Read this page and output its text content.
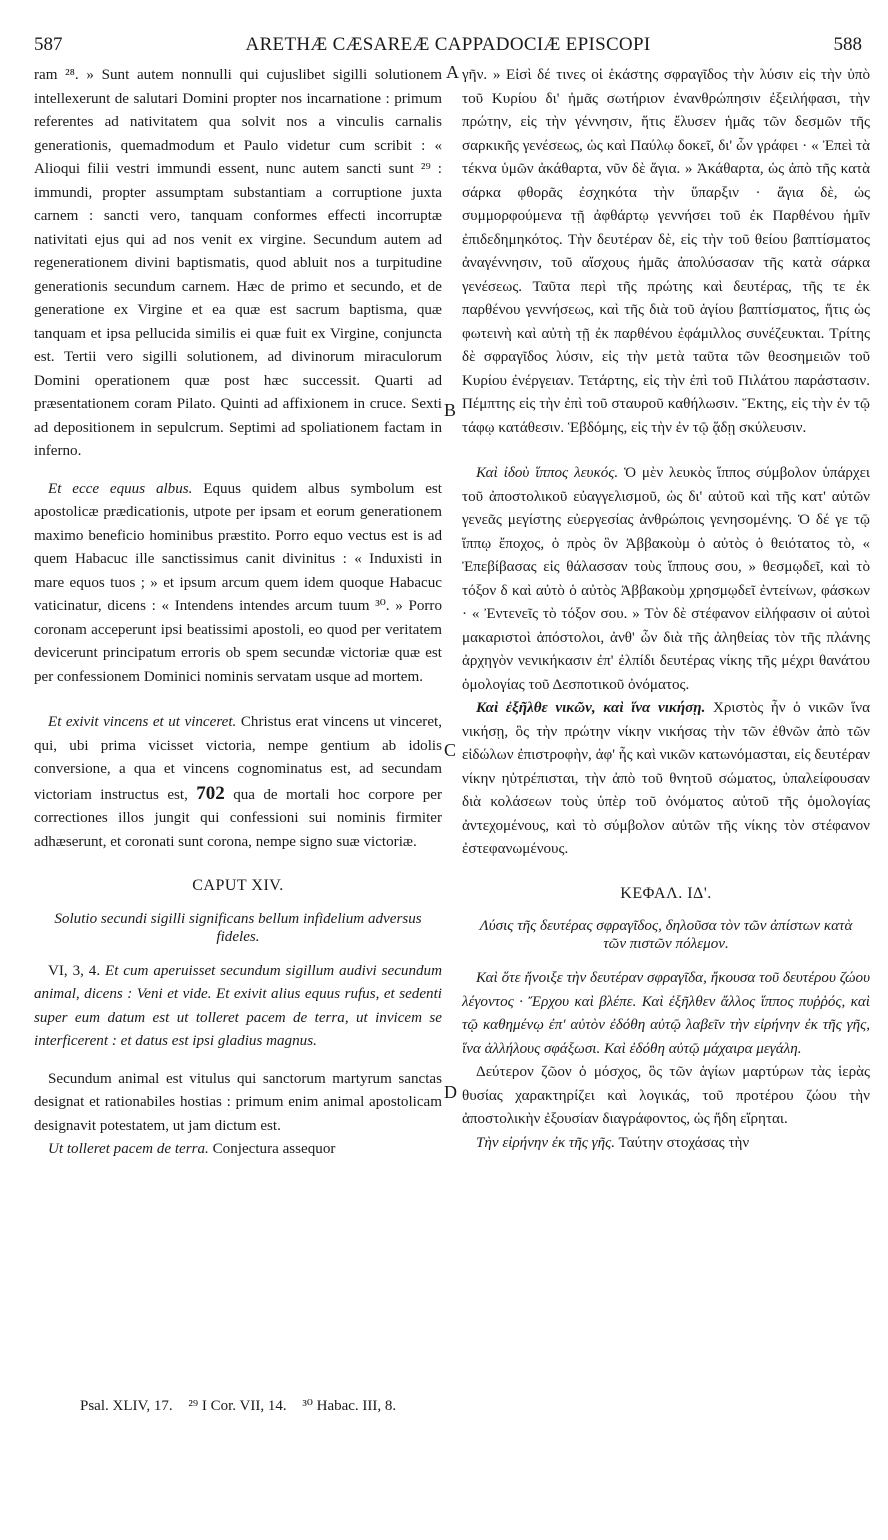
587	ARETHÆ CÆSAREÆ CAPPADOCIÆ EPISCOPI	588
A
B
C
D

ram ²⁸. » Sunt autem nonnulli qui cujuslibet sigilli solutionem intellexerunt de salutari Domini propter nos incarnatione : primum referentes ad nativitatem qua solvit nos a vinculis carnalis generationis, quemadmodum et Paulo videtur cum scribit : « Alioqui filii vestri immundi essent, nunc autem sancti sunt ²⁹ : immundi, propter assumptam substantiam a corruptione juxta carnem : sancti vero, tanquam conformes effecti incorruptæ nativitati ejus qui ad nos venit ex virgine. Secundum autem ad regenerationem divini baptismatis, quod abluit nos a turpitudine generationis secundum carnem. Hæc de primo et secundo, et de generatione ex Virgine et ea quæ est sacrum baptisma, quæ tanquam et ipsa pellucida similis ei quæ fuit ex Virgine, conjuncta est. Tertii vero sigilli solutionem, ad divinorum miraculorum Domini operationem quæ post hæc successit. Quarti ad præsentationem coram Pilato. Quinti ad affixionem in cruce. Sexti ad depositionem in sepulcrum. Septimi ad spoliationem factam in inferno.

Et ecce equus albus. Equus quidem albus symbolum est apostolicæ prædicationis, utpote per ipsam et eorum generationem maximo beneficio hominibus præstito. Porro equo vectus est is ad quem Habacuc ille sanctissimus canit divinitus : « Induxisti in mare equos tuos ; » et ipsum arcum quem idem quoque Habacuc vaticinatur, dicens : « Intendens intendes arcum tuum ³⁰. » Porro coronam acceperunt ipsi beatissimi apostoli, eo quod per veritatem devicerunt principatum erroris ob spem secundæ victoriæ quæ est per confessionem Dominici nominis servatam usque ad mortem.

Et exivit vincens et ut vinceret. Christus erat vincens ut vinceret, qui, ubi prima vicisset victoria, nempe gentium ab idolis conversione, a qua et vincens cognominatus est, ad secundam victoriam instructus est, 702 qua de mortali hoc corpore per correctiones illos jungit qui confessioni sui nominis firmiter adhæserunt, et coronati sunt corona, nempe signo suæ victoriæ.

CAPUT XIV.

Solutio secundi sigilli significans bellum infidelium adversus fideles.

VI, 3, 4. Et cum aperuisset secundum sigillum audivi secundum animal, dicens : Veni et vide. Et exivit alius equus rufus, et sedenti super eum datum est ut tolleret pacem de terra, ut invicem se interficerent : et datus est ipsi gladius magnus.

Secundum animal est vitulus qui sanctorum martyrum sanctas designat et rationabiles hostias : primum enim animal apostolicam designavit potestatem, ut jam dictum est.

Ut tolleret pacem de terra. Conjectura assequor

γῆν. » Εἰσὶ δέ τινες οἱ ἑκάστης σφραγῖδος τὴν λύσιν εἰς τὴν ὑπὸ τοῦ Κυρίου δι' ἡμᾶς σωτήριον ἐνανθρώπησιν ἐξειλήφασι, τὴν πρώτην, εἰς τὴν γέννησιν, ἥτις ἔλυσεν ἡμᾶς τῶν δεσμῶν τῆς σαρκικῆς γενέσεως, ὡς καὶ Παύλῳ δοκεῖ, δι' ὧν γράφει · « Ἐπεὶ τὰ τέκνα ὑμῶν ἀκάθαρτα, νῦν δὲ ἅγια. » Ἀκάθαρτα, ὡς ἀπὸ τῆς κατὰ σάρκα φθορᾶς ἐσχηκότα τὴν ὕπαρξιν · ἅγια δὲ, ὡς συμμορφούμενα τῇ ἀφθάρτῳ γεννήσει τοῦ ἐκ Παρθένου ἡμῖν ἐπιδεδημηκότος. Τὴν δευτέραν δὲ, εἰς τὴν τοῦ θείου βαπτίσματος ἀναγέννησιν, τοῦ αἴσχους ἡμᾶς ἀπολύσασαν τῆς κατὰ σάρκα γενέσεως. Ταῦτα περὶ τῆς πρώτης καὶ δευτέρας, τῆς τε ἐκ παρθένου γεννήσεως, καὶ τῆς διὰ τοῦ ἁγίου βαπτίσματος, ἥτις ὡς φωτεινὴ καὶ αὐτὴ τῇ ἐκ παρθένου ἐφάμιλλος συνέζευκται. Τρίτης δὲ σφραγῖδος λύσιν, εἰς τὴν μετὰ ταῦτα τῶν θεοσημειῶν τοῦ Κυρίου ἐνέργειαν. Τετάρτης, εἰς τὴν ἐπὶ τοῦ Πιλάτου παράστασιν. Πέμπτης εἰς τὴν ἐπὶ τοῦ σταυροῦ καθήλωσιν. Ἕκτης, εἰς τὴν ἐν τῷ τάφῳ κατάθεσιν. Ἑβδόμης, εἰς τὴν ἐν τῷ ᾅδῃ σκύλευσιν.

Καὶ ἰδοὺ ἵππος λευκός. Ὁ μὲν λευκὸς ἵππος σύμβολον ὑπάρχει τοῦ ἀποστολικοῦ εὐαγγελισμοῦ, ὡς δι' αὐτοῦ καὶ τῆς κατ' αὐτῶν γενεᾶς μεγίστης εὐεργεσίας ἀνθρώποις γενησομένης. Ὁ δέ γε τῷ ἵππῳ ἔποχος, ὁ πρὸς ὃν Ἀββακοὺμ ὁ αὐτὸς ὁ θειότατος τὸ, « Ἐπεβίβασας εἰς θάλασσαν τοὺς ἵππους σου, » θεσμῳδεῖ, καὶ τὸ τόξον δ καὶ αὐτὸ ὁ αὐτὸς Ἀββακοὺμ χρησμῳδεῖ ἐντείνων, φάσκων · « Ἐντενεῖς τὸ τόξον σου. » Τὸν δὲ στέφανον εἰλήφασιν οἱ αὐτοὶ μακαριστοὶ ἀπόστολοι, ἀνθ' ὧν διὰ τῆς ἀληθείας τὸν τῆς πλάνης ἀρχηγὸν νενικήκασιν ἐπ' ἐλπίδι δευτέρας νίκης τῆς μέχρι θανάτου ὁμολογίας τοῦ Δεσποτικοῦ ὀνόματος.

Καὶ ἐξῆλθε νικῶν, καὶ ἵνα νικήσῃ. Χριστὸς ἦν ὁ νικῶν ἵνα νικήσῃ, ὃς τὴν πρώτην νίκην νικήσας τὴν τῶν ἐθνῶν ἀπὸ τῶν εἰδώλων ἐπιστροφὴν, ἀφ' ἧς καὶ νικῶν κατωνόμασται, εἰς δευτέραν νίκην ηὐτρέπισται, τὴν ἀπὸ τοῦ θνητοῦ σώματος, ὑπαλείφουσαν διὰ κολάσεων τοὺς ὑπὲρ τοῦ ὀνόματος αὐτοῦ τῆς ὁμολογίας ἀντεχομένους, καὶ τὸ σύμβολον αὐτῶν τῆς νίκης τὸν στέφανον ἐστεφανωμένους.

ΚΕΦΑΛ. ΙΔ'.

Λύσις τῆς δευτέρας σφραγῖδος, δηλοῦσα τὸν τῶν ἀπίστων κατὰ τῶν πιστῶν πόλεμον.

Καὶ ὅτε ἤνοιξε τὴν δευτέραν σφραγῖδα, ἤκουσα τοῦ δευτέρου ζώου λέγοντος · Ἔρχου καὶ βλέπε. Καὶ ἐξῆλθεν ἄλλος ἵππος πυῤῥός, καὶ τῷ καθημένῳ ἐπ' αὐτὸν ἐδόθη αὐτῷ λαβεῖν τὴν εἰρήνην ἐκ τῆς γῆς, ἵνα ἀλλήλους σφάξωσι. Καὶ ἐδόθη αὐτῷ μάχαιρα μεγάλη.

Δεύτερον ζῶον ὁ μόσχος, ὃς τῶν ἁγίων μαρτύρων τὰς ἱερὰς θυσίας χαρακτηρίζει καὶ λογικάς, τοῦ προτέρου ζώου τὴν ἀποστολικὴν ἐξουσίαν διαγράφοντος, ὡς ἤδη εἴρηται.

Τὴν εἰρήνην ἐκ τῆς γῆς. Ταύτην στοχάσας τὴν

Psal. XLIV, 17. ²⁹ I Cor. VII, 14. ³⁰ Habac. III, 8.
